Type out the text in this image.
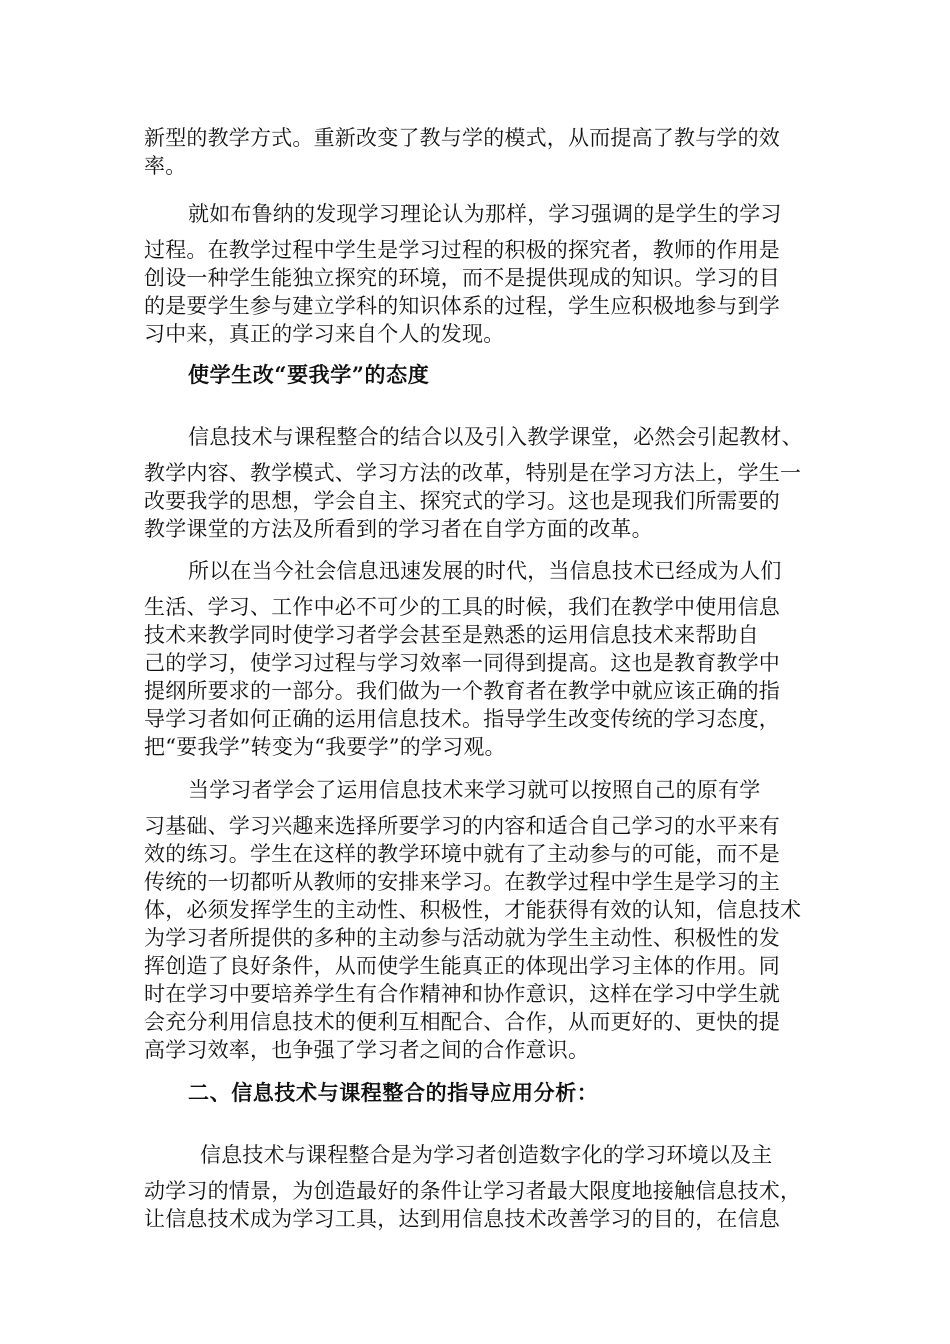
新型的教学方式。重新改变了教与学的模式，从而提高了教与学的效
率。
就如布鲁纳的发现学习理论认为那样，学习强调的是学生的学习
过程。在教学过程中学生是学习过程的积极的探究者，教师的作用是
创设一种学生能独立探究的环境，而不是提供现成的知识。学习的目
的是要学生参与建立学科的知识体系的过程，学生应积极地参与到学
习中来，真正的学习来自个人的发现。
使学生改“要我学”的态度
信息技术与课程整合的结合以及引入教学课堂，必然会引起教材、
教学内容、教学模式、学习方法的改革，特别是在学习方法上，学生一
改要我学的思想，学会自主、探究式的学习。这也是现我们所需要的
教学课堂的方法及所看到的学习者在自学方面的改革。
所以在当今社会信息迅速发展的时代，当信息技术已经成为人们
生活、学习、工作中必不可少的工具的时候，我们在教学中使用信息
技术来教学同时使学习者学会甚至是熟悉的运用信息技术来帮助自
己的学习，使学习过程与学习效率一同得到提高。这也是教育教学中
提纲所要求的一部分。我们做为一个教育者在教学中就应该正确的指
导学习者如何正确的运用信息技术。指导学生改变传统的学习态度，
把“要我学”转变为“我要学”的学习观。
当学习者学会了运用信息技术来学习就可以按照自己的原有学
习基础、学习兴趣来选择所要学习的内容和适合自己学习的水平来有
效的练习。学生在这样的教学环境中就有了主动参与的可能，而不是
传统的一切都听从教师的安排来学习。在教学过程中学生是学习的主
体，必须发挥学生的主动性、积极性，才能获得有效的认知，信息技术
为学习者所提供的多种的主动参与活动就为学生主动性、积极性的发
挥创造了良好条件，从而使学生能真正的体现出学习主体的作用。同
时在学习中要培养学生有合作精神和协作意识，这样在学习中学生就
会充分利用信息技术的便利互相配合、合作，从而更好的、更快的提
高学习效率，也争强了学习者之间的合作意识。
二、信息技术与课程整合的指导应用分析：
信息技术与课程整合是为学习者创造数字化的学习环境以及主
动学习的情景，为创造最好的条件让学习者最大限度地接触信息技术，
让信息技术成为学习工具，达到用信息技术改善学习的目的，在信息
